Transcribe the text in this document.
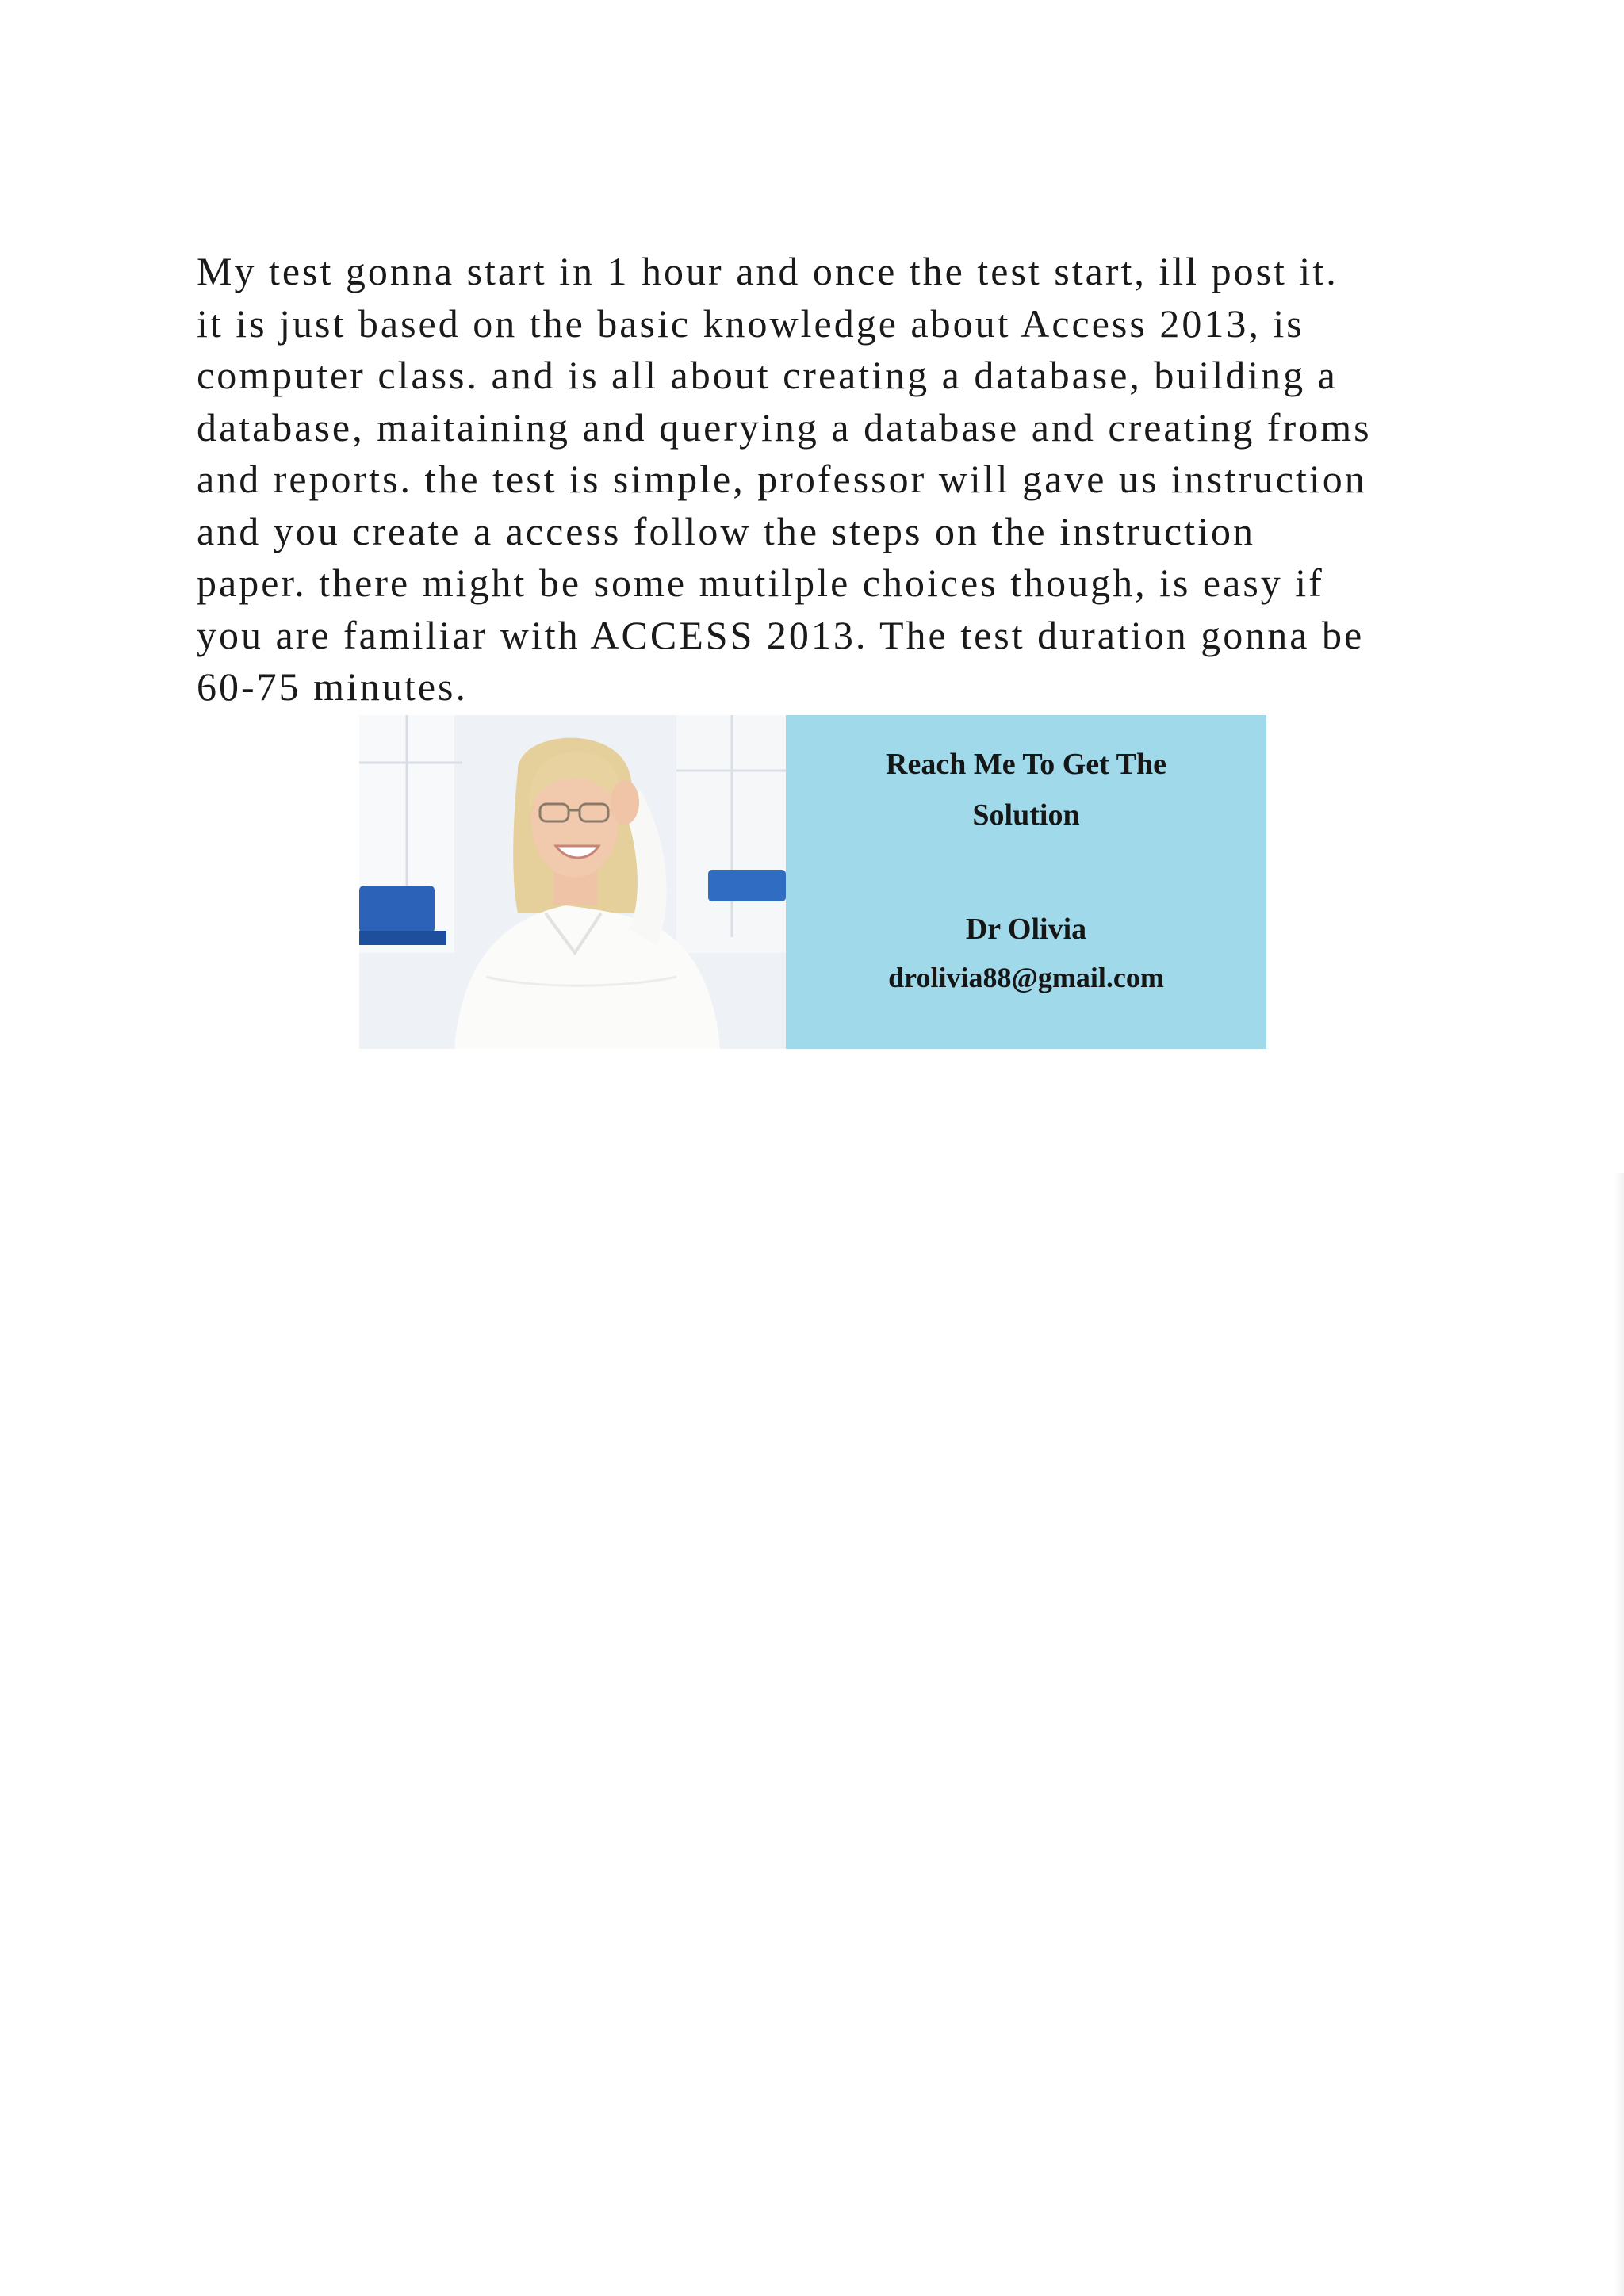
My test gonna start in 1 hour and once the test start, ill post it.
it is just based on the basic knowledge about Access 2013, is
computer class. and is all about creating a database, building a
database, maitaining and querying a database and creating froms
and reports. the test is simple, professor will gave us instruction
and you create a access follow the steps on the instruction
paper. there might be some mutilple choices though, is easy if
you are familiar with ACCESS 2013. The test duration gonna be
60-75 minutes.
Reach Me To Get The
Solution
Dr Olivia
drolivia88@gmail.com
